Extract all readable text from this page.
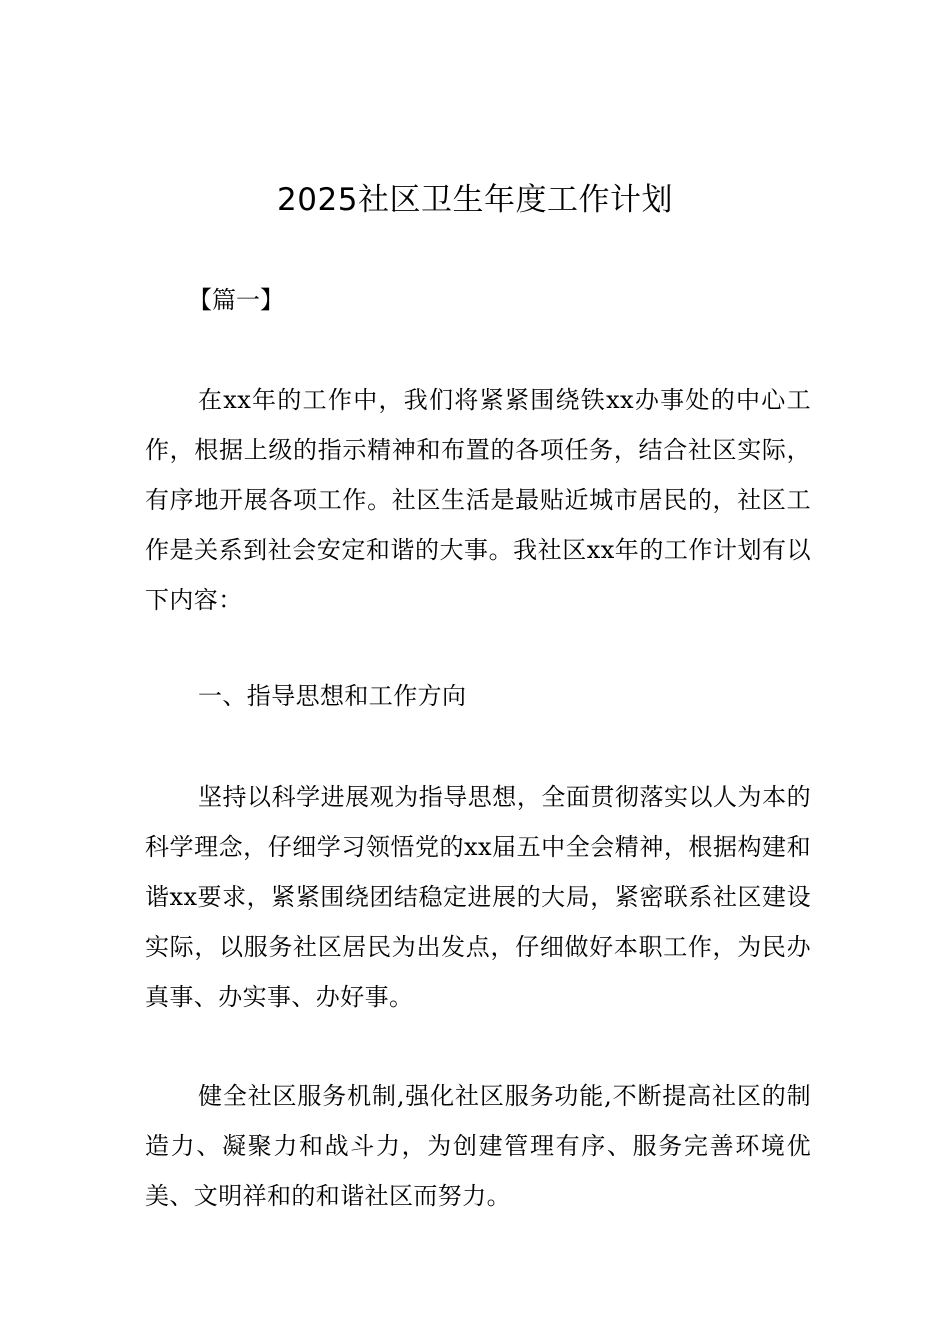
2025社区卫生年度工作计划
【篇一】

在xx年的工作中，我们将紧紧围绕铁xx办事处的中心工作，根据上级的指示精神和布置的各项任务，结合社区实际，有序地开展各项工作。社区生活是最贴近城市居民的，社区工作是关系到社会安定和谐的大事。我社区xx年的工作计划有以下内容：

一、指导思想和工作方向

坚持以科学进展观为指导思想，全面贯彻落实以人为本的科学理念，仔细学习领悟党的xx届五中全会精神，根据构建和谐xx要求，紧紧围绕团结稳定进展的大局，紧密联系社区建设实际，以服务社区居民为出发点，仔细做好本职工作，为民办真事、办实事、办好事。

健全社区服务机制,强化社区服务功能,不断提高社区的制造力、凝聚力和战斗力，为创建管理有序、服务完善环境优美、文明祥和的和谐社区而努力。
